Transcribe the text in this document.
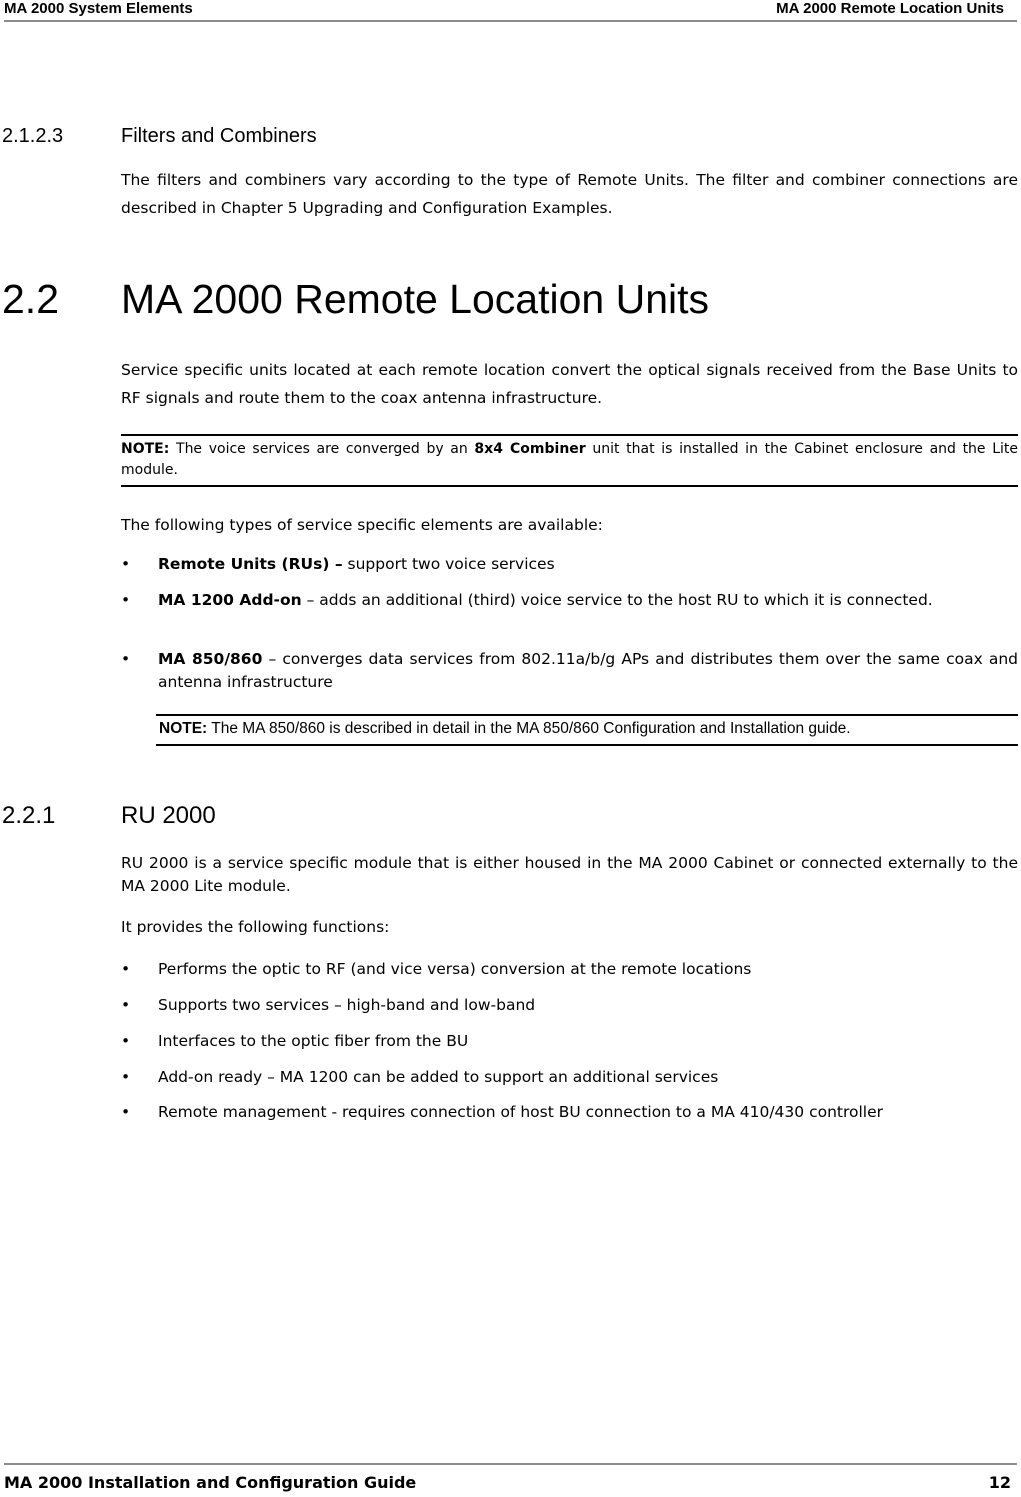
MA 2000 System Elements	MA 2000 Remote Location Units
2.1.2.3	Filters and Combiners
The filters and combiners vary according to the type of Remote Units. The filter and combiner connections are described in Chapter 5 Upgrading and Configuration Examples.
2.2 MA 2000 Remote Location Units
Service specific units located at each remote location convert the optical signals received from the Base Units to RF signals and route them to the coax antenna infrastructure.
NOTE: The voice services are converged by an 8x4 Combiner unit that is installed in the Cabinet enclosure and the Lite module.
The following types of service specific elements are available:
•	Remote Units (RUs) – support two voice services
•	MA 1200 Add-on – adds an additional (third) voice service to the host RU to which it is connected.
•	MA 850/860 – converges data services from 802.11a/b/g APs and distributes them over the same coax and antenna infrastructure
NOTE: The MA 850/860 is described in detail in the MA 850/860 Configuration and Installation guide.
2.2.1	RU 2000
RU 2000 is a service specific module that is either housed in the MA 2000 Cabinet or connected externally to the MA 2000 Lite module.
It provides the following functions:
•	Performs the optic to RF (and vice versa) conversion at the remote locations
•	Supports two services – high-band and low-band
•	Interfaces to the optic fiber from the BU
•	Add-on ready – MA 1200 can be added to support an additional services
•	Remote management - requires connection of host BU connection to a MA 410/430 controller
MA 2000 Installation and Configuration Guide	12
